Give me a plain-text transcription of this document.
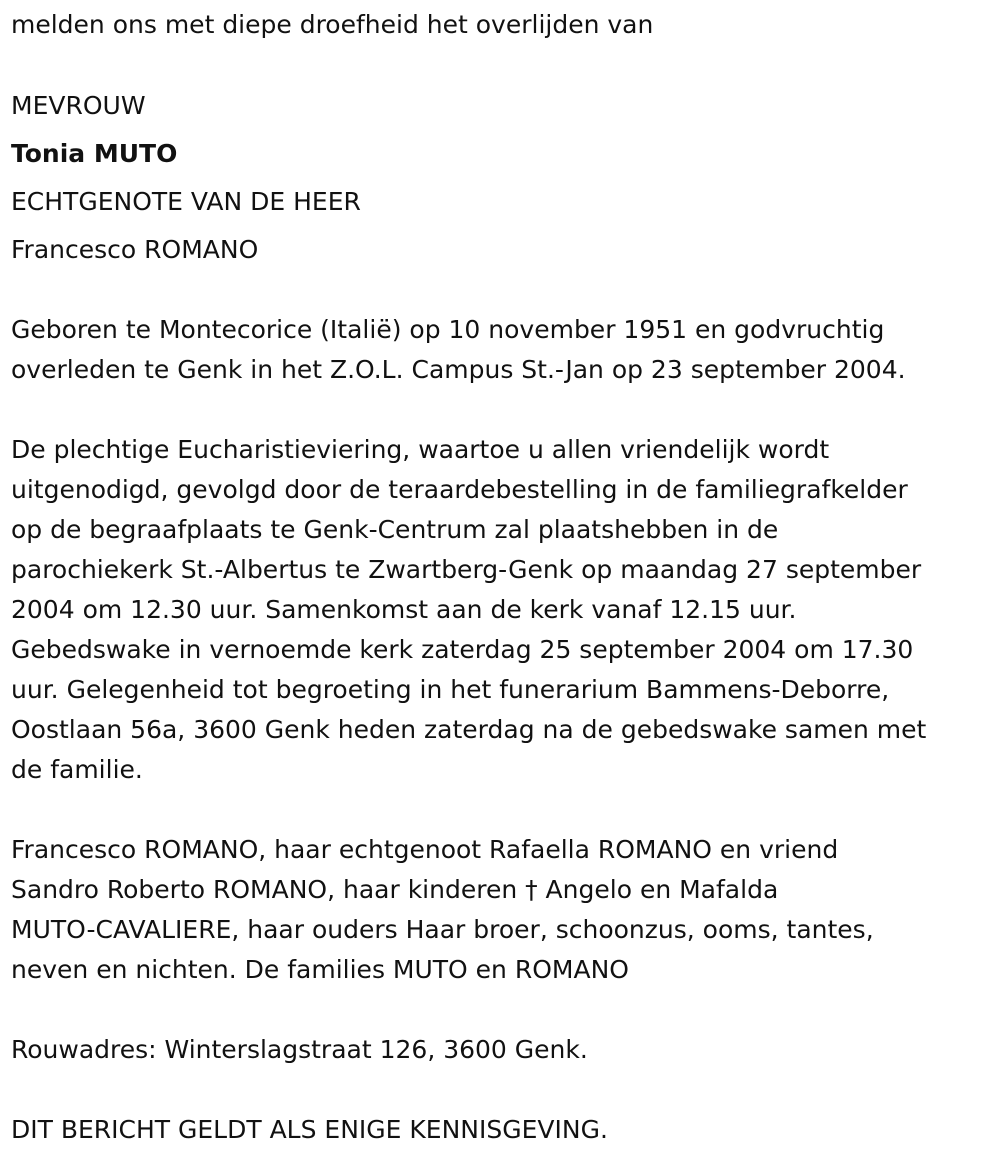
melden ons met diepe droefheid het overlijden van
MEVROUW
Tonia MUTO
ECHTGENOTE VAN DE HEER
Francesco ROMANO
Geboren te Montecorice (Italië) op 10 november 1951 en godvruchtig
overleden te Genk in het Z.O.L. Campus St.-Jan op 23 september 2004.
De plechtige Eucharistieviering, waartoe u allen vriendelijk wordt
uitgenodigd, gevolgd door de teraardebestelling in de familiegrafkelder
op de begraafplaats te Genk-Centrum zal plaatshebben in de
parochiekerk St.-Albertus te Zwartberg-Genk op maandag 27 september
2004 om 12.30 uur. Samenkomst aan de kerk vanaf 12.15 uur.
Gebedswake in vernoemde kerk zaterdag 25 september 2004 om 17.30
uur. Gelegenheid tot begroeting in het funerarium Bammens-Deborre,
Oostlaan 56a, 3600 Genk heden zaterdag na de gebedswake samen met
de familie.
Francesco ROMANO, haar echtgenoot Rafaella ROMANO en vriend
Sandro Roberto ROMANO, haar kinderen † Angelo en Mafalda
MUTO-CAVALIERE, haar ouders Haar broer, schoonzus, ooms, tantes,
neven en nichten. De families MUTO en ROMANO
Rouwadres: Winterslagstraat 126, 3600 Genk.
DIT BERICHT GELDT ALS ENIGE KENNISGEVING.
